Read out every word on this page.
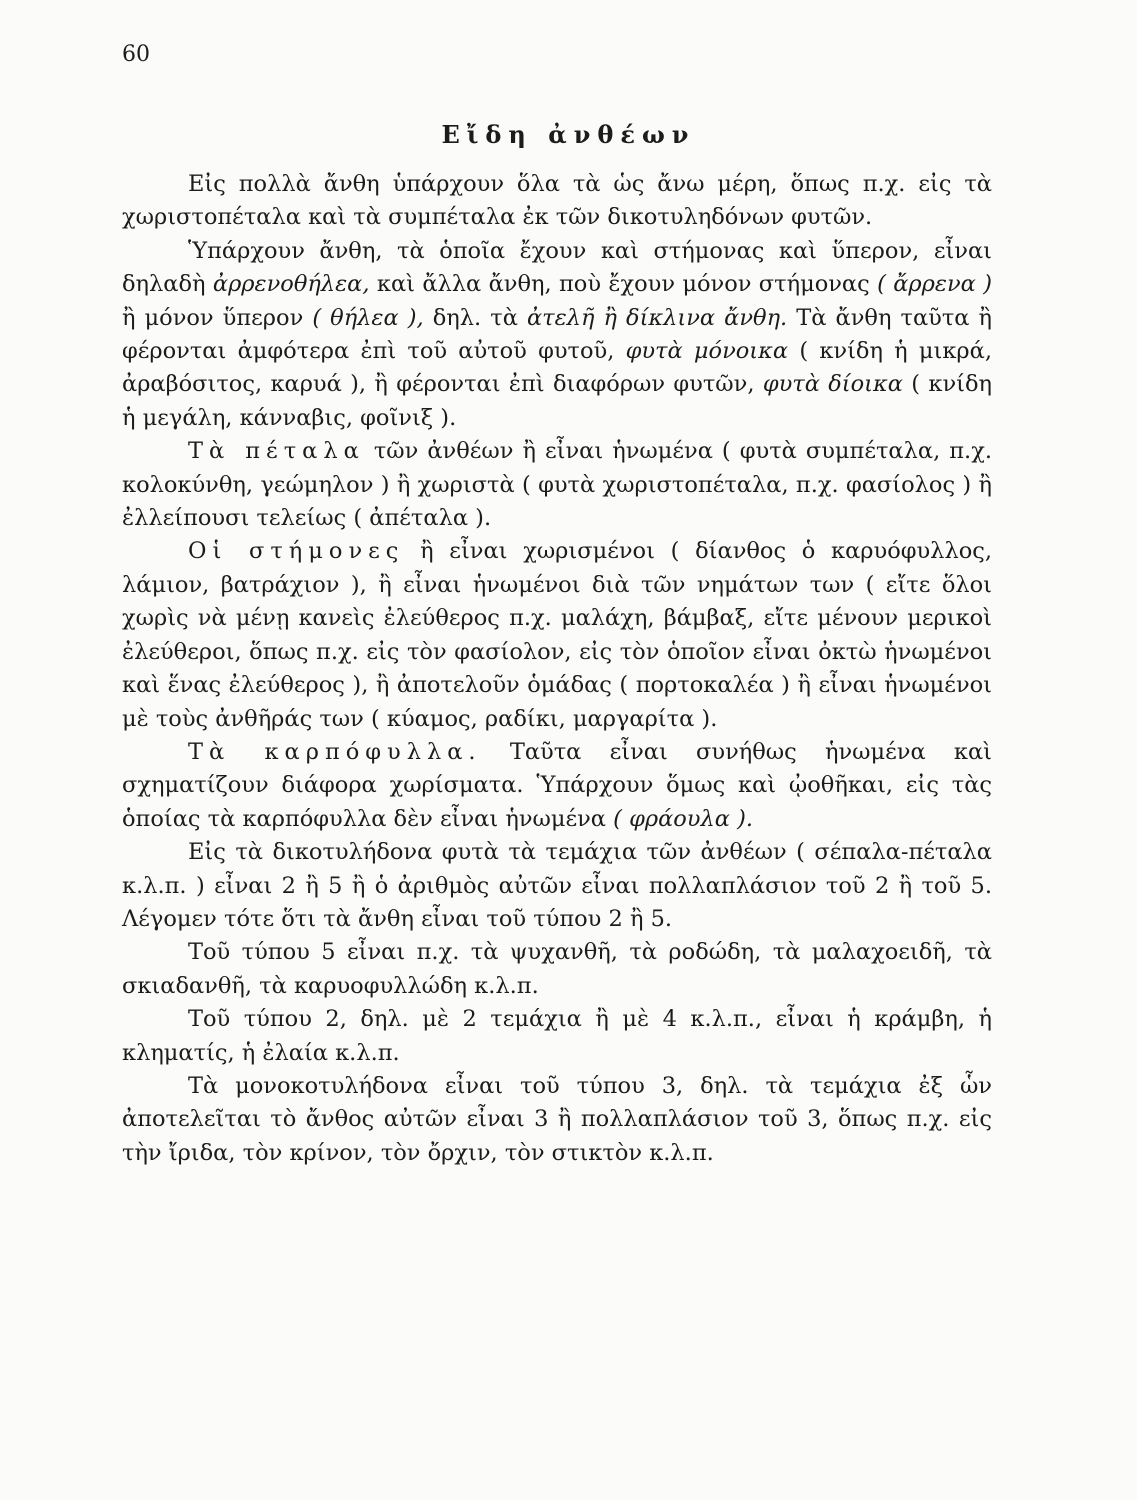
60
Εἴδη ἀνθέων

Εἰς πολλὰ ἄνθη ὑπάρχουν ὅλα τὰ ὡς ἄνω μέρη, ὅπως π.χ. εἰς τὰ χωριστοπέταλα καὶ τὰ συμπέταλα ἐκ τῶν δικοτυληδόνων φυτῶν.

Ὑπάρχουν ἄνθη, τὰ ὁποῖα ἔχουν καὶ στήμονας καὶ ὕπερον, εἶναι δηλαδὴ ἀρρενοθήλεα, καὶ ἄλλα ἄνθη, ποὺ ἔχουν μόνον στήμονας ( ἄρρενα ) ἢ μόνον ὕπερον ( θήλεα ), δηλ. τὰ ἀτελῆ ἢ δίκλινα ἄνθη. Τὰ ἄνθη ταῦτα ἢ φέρονται ἀμφότερα ἐπὶ τοῦ αὐτοῦ φυτοῦ, φυτὰ μόνοικα ( κνίδη ἡ μικρά, ἀραβόσιτος, καρυά ), ἢ φέρονται ἐπὶ διαφόρων φυτῶν, φυτὰ δίοικα ( κνίδη ἡ μεγάλη, κάνναβις, φοῖνιξ ).

Τὰ πέταλα τῶν ἀνθέων ἢ εἶναι ἡνωμένα ( φυτὰ συμπέταλα, π.χ. κολοκύνθη, γεώμηλον ) ἢ χωριστὰ ( φυτὰ χωριστοπέταλα, π.χ. φασίολος ) ἢ ἐλλείπουσι τελείως ( ἀπέταλα ).

Οἱ στήμονες ἢ εἶναι χωρισμένοι ( δίανθος ὁ καρυόφυλλος, λάμιον, βατράχιον ), ἢ εἶναι ἡνωμένοι διὰ τῶν νημάτων των ( εἴτε ὅλοι χωρὶς νὰ μένῃ κανεὶς ἐλεύθερος π.χ. μαλάχη, βάμβαξ, εἴτε μένουν μερικοὶ ἐλεύθεροι, ὅπως π.χ. εἰς τὸν φασίολον, εἰς τὸν ὁποῖον εἶναι ὀκτὼ ἡνωμένοι καὶ ἕνας ἐλεύθερος ), ἢ ἀποτελοῦν ὁμάδας ( πορτοκαλέα ) ἢ εἶναι ἡνωμένοι μὲ τοὺς ἀνθῆράς των ( κύαμος, ραδίκι, μαργαρίτα ).

Τὰ καρπόφυλλα. Ταῦτα εἶναι συνήθως ἡνωμένα καὶ σχηματίζουν διάφορα χωρίσματα. Ὑπάρχουν ὅμως καὶ ᾠοθῆκαι, εἰς τὰς ὁποίας τὰ καρπόφυλλα δὲν εἶναι ἡνωμένα ( φράουλα ).

Εἰς τὰ δικοτυλήδονα φυτὰ τὰ τεμάχια τῶν ἀνθέων ( σέπαλα-πέταλα κ.λ.π. ) εἶναι 2 ἢ 5 ἢ ὁ ἀριθμὸς αὐτῶν εἶναι πολλαπλάσιον τοῦ 2 ἢ τοῦ 5. Λέγομεν τότε ὅτι τὰ ἄνθη εἶναι τοῦ τύπου 2 ἢ 5.

Τοῦ τύπου 5 εἶναι π.χ. τὰ ψυχανθῆ, τὰ ροδώδη, τὰ μαλαχοειδῆ, τὰ σκιαδανθῆ, τὰ καρυοφυλλώδη κ.λ.π.

Τοῦ τύπου 2, δηλ. μὲ 2 τεμάχια ἢ μὲ 4 κ.λ.π., εἶναι ἡ κράμβη, ἡ κληματίς, ἡ ἐλαία κ.λ.π.

Τὰ μονοκοτυλήδονα εἶναι τοῦ τύπου 3, δηλ. τὰ τεμάχια ἐξ ὧν ἀποτελεῖται τὸ ἄνθος αὐτῶν εἶναι 3 ἢ πολλαπλάσιον τοῦ 3, ὅπως π.χ. εἰς τὴν ἴριδα, τὸν κρίνον, τὸν ὄρχιν, τὸν στικτὸν κ.λ.π.
